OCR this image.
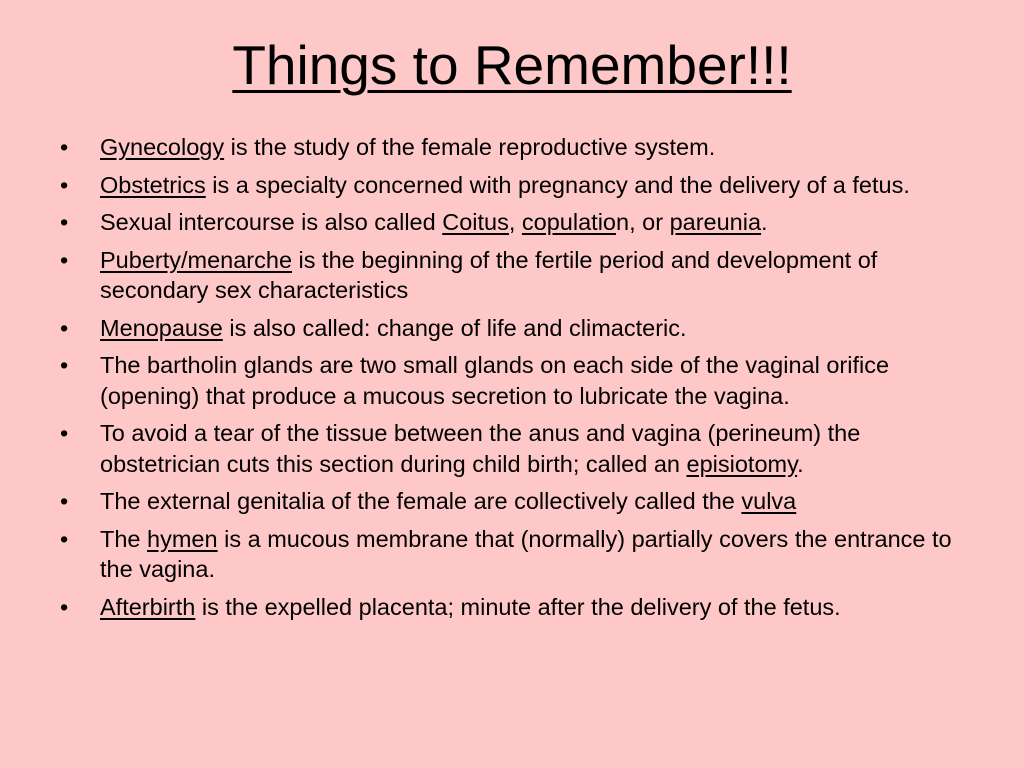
Things to Remember!!!
• Gynecology is the study of the female reproductive system.
• Obstetrics is a specialty concerned with pregnancy and the delivery of a fetus.
• Sexual intercourse is also called Coitus, copulation, or pareunia.
• Puberty/menarche is the beginning of the fertile period and development of secondary sex characteristics
• Menopause is also called: change of life and climacteric.
• The bartholin glands are two small glands on each side of the vaginal orifice (opening) that produce a mucous secretion to lubricate the vagina.
• To avoid a tear of the tissue between the anus and vagina (perineum) the obstetrician cuts this section during child birth; called an episiotomy.
• The external genitalia of the female are collectively called the vulva
• The hymen is a mucous membrane that (normally) partially covers the entrance to the vagina.
• Afterbirth is the expelled placenta; minute after the delivery of the fetus.
